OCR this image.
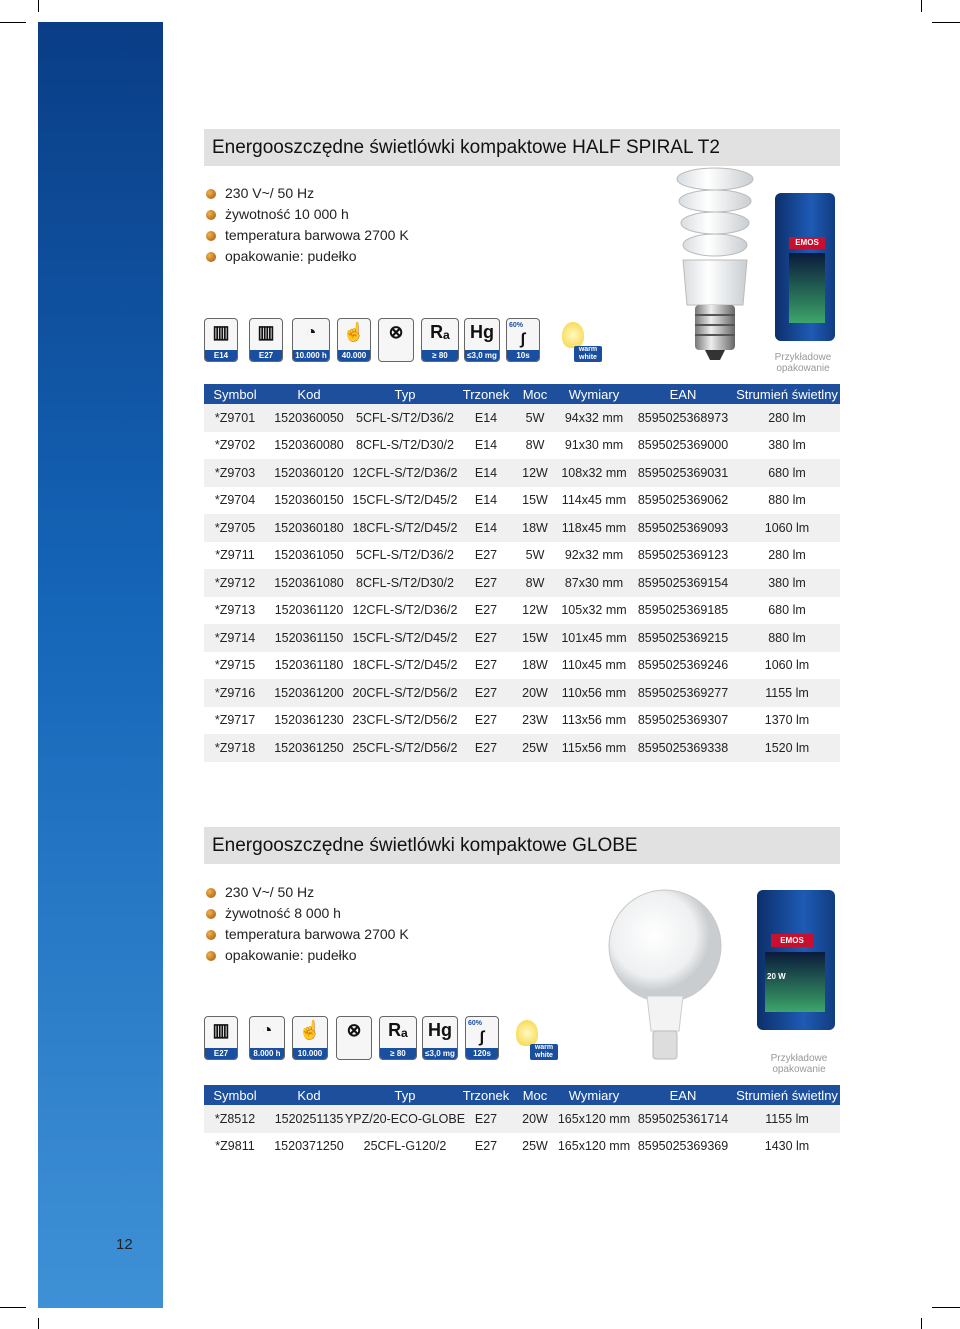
Energooszczędne świetlówki kompaktowe
12
Energooszczędne świetlówki kompaktowe HALF SPIRAL T2
230 V~/ 50 Hz
żywotność 10 000 h
temperatura barwowa 2700 K
opakowanie: pudełko
▥
E14
▥
E27
◔
10.000 h
☝
40.000
⊗	Rₐ
≥ 80
Hg
≤3,0 mg
60%
∫
10s
warm white
EMOS
Przykładowe opakowanie
Symbol	Kod	Typ	Trzonek	Moc	Wymiary	EAN	Strumień świetlny
*Z9701	1520360050 5CFL-S/T2/D36/2	E14	5W	94x32 mm	8595025368973	280 lm
*Z9702	1520360080 8CFL-S/T2/D30/2	E14	8W	91x30 mm	8595025369000	380 lm
*Z9703	1520360120 12CFL-S/T2/D36/2	E14	12W	108x32 mm 8595025369031	680 lm
*Z9704	1520360150 15CFL-S/T2/D45/2	E14	15W	114x45 mm 8595025369062	880 lm
*Z9705	1520360180 18CFL-S/T2/D45/2	E14	18W	118x45 mm 8595025369093	1060 lm
*Z9711	1520361050 5CFL-S/T2/D36/2	E27	5W	92x32 mm	8595025369123	280 lm
*Z9712	1520361080 8CFL-S/T2/D30/2	E27	8W	87x30 mm	8595025369154	380 lm
*Z9713	1520361120 12CFL-S/T2/D36/2	E27	12W	105x32 mm 8595025369185	680 lm
*Z9714	1520361150 15CFL-S/T2/D45/2	E27	15W	101x45 mm 8595025369215	880 lm
*Z9715	1520361180 18CFL-S/T2/D45/2	E27	18W	110x45 mm 8595025369246	1060 lm
*Z9716	1520361200 20CFL-S/T2/D56/2	E27	20W	110x56 mm 8595025369277	1155 lm
*Z9717	1520361230 23CFL-S/T2/D56/2	E27	23W	113x56 mm 8595025369307	1370 lm
*Z9718	1520361250 25CFL-S/T2/D56/2	E27	25W	115x56 mm 8595025369338	1520 lm
Energooszczędne świetlówki kompaktowe GLOBE
230 V~/ 50 Hz
żywotność 8 000 h
temperatura barwowa 2700 K
opakowanie: pudełko
▥
E27
◔
8.000 h
☝
10.000
⊗	Rₐ
≥ 80
Hg
≤3,0 mg
60%
∫
120s
warm white
EMOS
20 W
Przykładowe opakowanie
Symbol	Kod	Typ	Trzonek	Moc	Wymiary	EAN	Strumień świetlny
*Z8512	1520251135 YPZ/20-ECO-GLOBE E27	20W 165x120 mm 8595025361714	1155 lm
*Z9811	1520371250	25CFL-G120/2	E27	25W 165x120 mm 8595025369369	1430 lm
